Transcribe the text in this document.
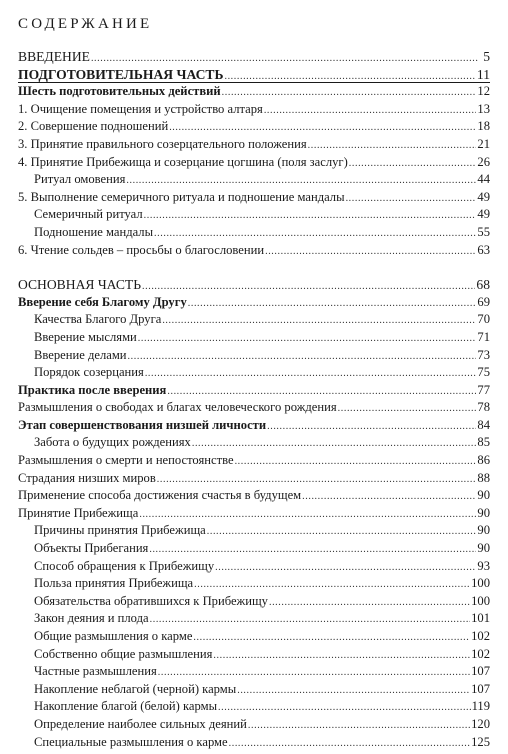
СОДЕРЖАНИЕ
ВВЕДЕНИЕ .....	5
ПОДГОТОВИТЕЛЬНАЯ ЧАСТЬ .....	11
Шесть подготовительных действий .....	12
1. Очищение помещения и устройство алтаря .....	13
2. Совершение подношений .....	18
3. Принятие правильного созерцательного положения .....	21
4. Принятие Прибежища и созерцание цогшина (поля заслуг) .....	26
Ритуал омовения .....	44
5. Выполнение семеричного ритуала и подношение мандалы .....	49
Семеричный ритуал .....	49
Подношение мандалы .....	55
6. Чтение сольдев – просьбы о благословении .....	63
ОСНОВНАЯ ЧАСТЬ .....	68
Вверение себя Благому Другу .....	69
Качества Благого Друга .....	70
Вверение мыслями .....	71
Вверение делами .....	73
Порядок созерцания .....	75
Практика после вверения .....	77
Размышления о свободах и благах человеческого рождения .....	78
Этап совершенствования низшей личности .....	84
Забота о будущих рождениях .....	85
Размышления о смерти и непостоянстве .....	86
Страдания низших миров .....	88
Применение способа достижения счастья в будущем .....	90
Принятие Прибежища .....	90
Причины принятия Прибежища .....	90
Объекты Прибегания .....	90
Способ обращения к Прибежищу .....	93
Польза принятия Прибежища .....	100
Обязательства обратившихся к Прибежищу .....	100
Закон деяния и плода .....	101
Общие размышления о карме .....	102
Собственно общие размышления .....	102
Частные размышления .....	107
Накопление неблагой (черной) кармы .....	107
Накопление благой (белой) кармы .....	119
Определение наиболее сильных деяний .....	120
Специальные размышления о карме .....	125
